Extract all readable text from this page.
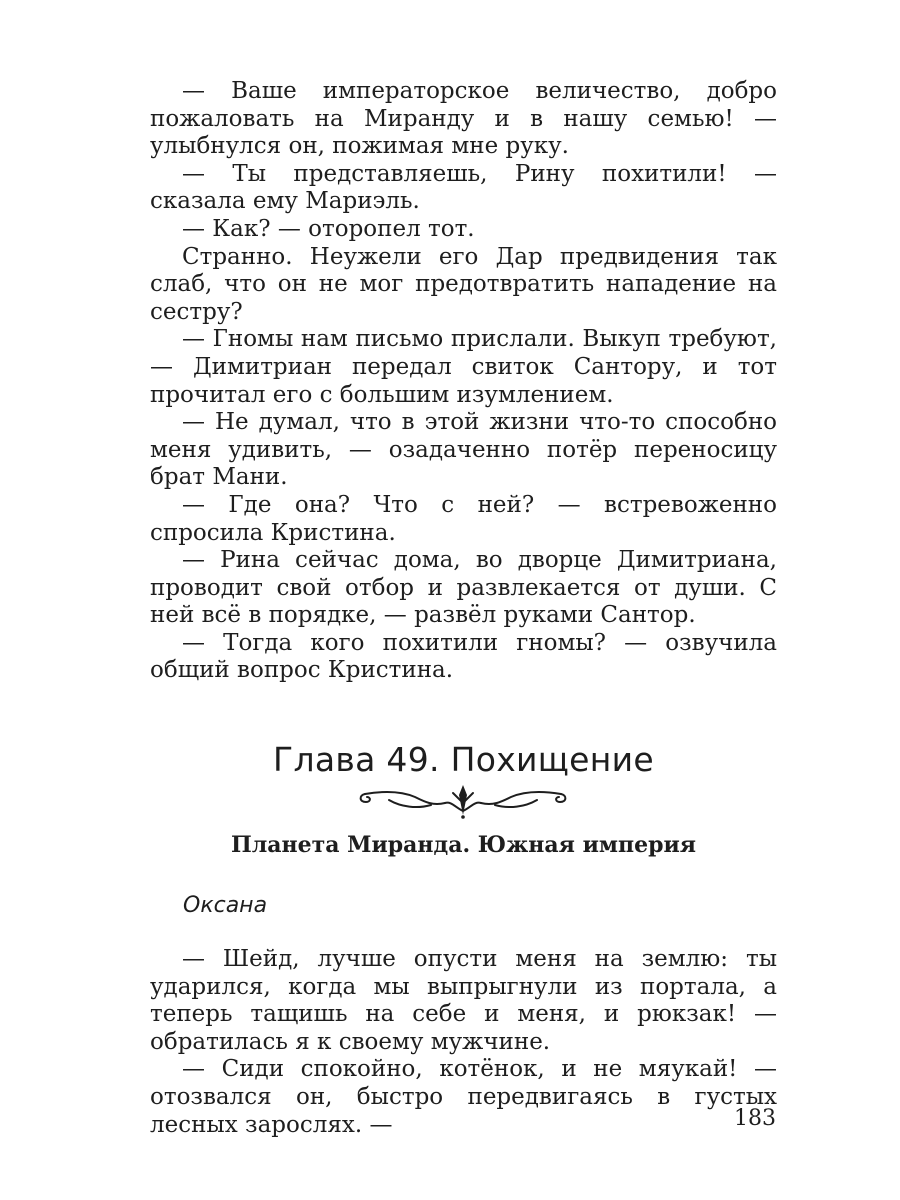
— Ваше императорское величество, добро пожаловать на Миранду и в нашу семью! — улыбнулся он, пожимая мне руку.

— Ты представляешь, Рину похитили! — сказала ему Мариэль.

— Как? — оторопел тот.

Странно. Неужели его Дар предвидения так слаб, что он не мог предотвратить нападение на сестру?

— Гномы нам письмо прислали. Выкуп требуют, — Димитриан передал свиток Сантору, и тот прочитал его с большим изумлением.

— Не думал, что в этой жизни что-то способно меня удивить, — озадаченно потёр переносицу брат Мани.

— Где она? Что с ней? — встревоженно спросила Кристина.

— Рина сейчас дома, во дворце Димитриана, проводит свой отбор и развлекается от души. С ней всё в порядке, — развёл руками Сантор.

— Тогда кого похитили гномы? — озвучила общий вопрос Кристина.

Глава 49. Похищение

Планета Миранда. Южная империя

Оксана

— Шейд, лучше опусти меня на землю: ты ударился, когда мы выпрыгнули из портала, а теперь тащишь на себе и меня, и рюкзак! — обратилась я к своему мужчине.

— Сиди спокойно, котёнок, и не мяукай! — отозвался он, быстро передвигаясь в густых лесных зарослях. —	183
